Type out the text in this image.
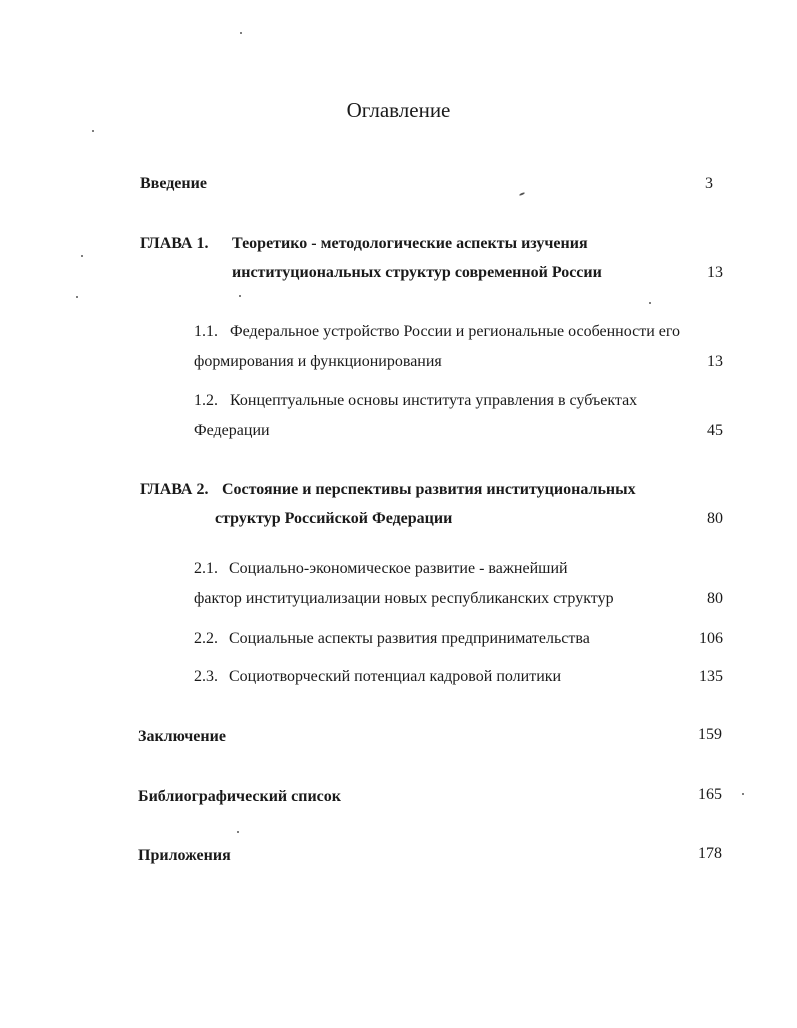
Оглавление
Введение	3
ГЛАВА 1. Теоретико - методологические аспекты изучения
институциональных структур современной России	13
1.1. Федеральное устройство России и региональные особенности его
формирования и функционирования	13
1.2. Концептуальные основы института управления в субъектах
Федерации	45
ГЛАВА 2. Состояние и перспективы развития институциональных
структур Российской Федерации	80
2.1. Социально-экономическое развитие - важнейший
фактор институциализации новых республиканских структур	80
2.2. Социальные аспекты развития предпринимательства	106
2.3. Социотворческий потенциал кадровой политики	135
Заключение	159
Библиографический список	165
Приложения	178
